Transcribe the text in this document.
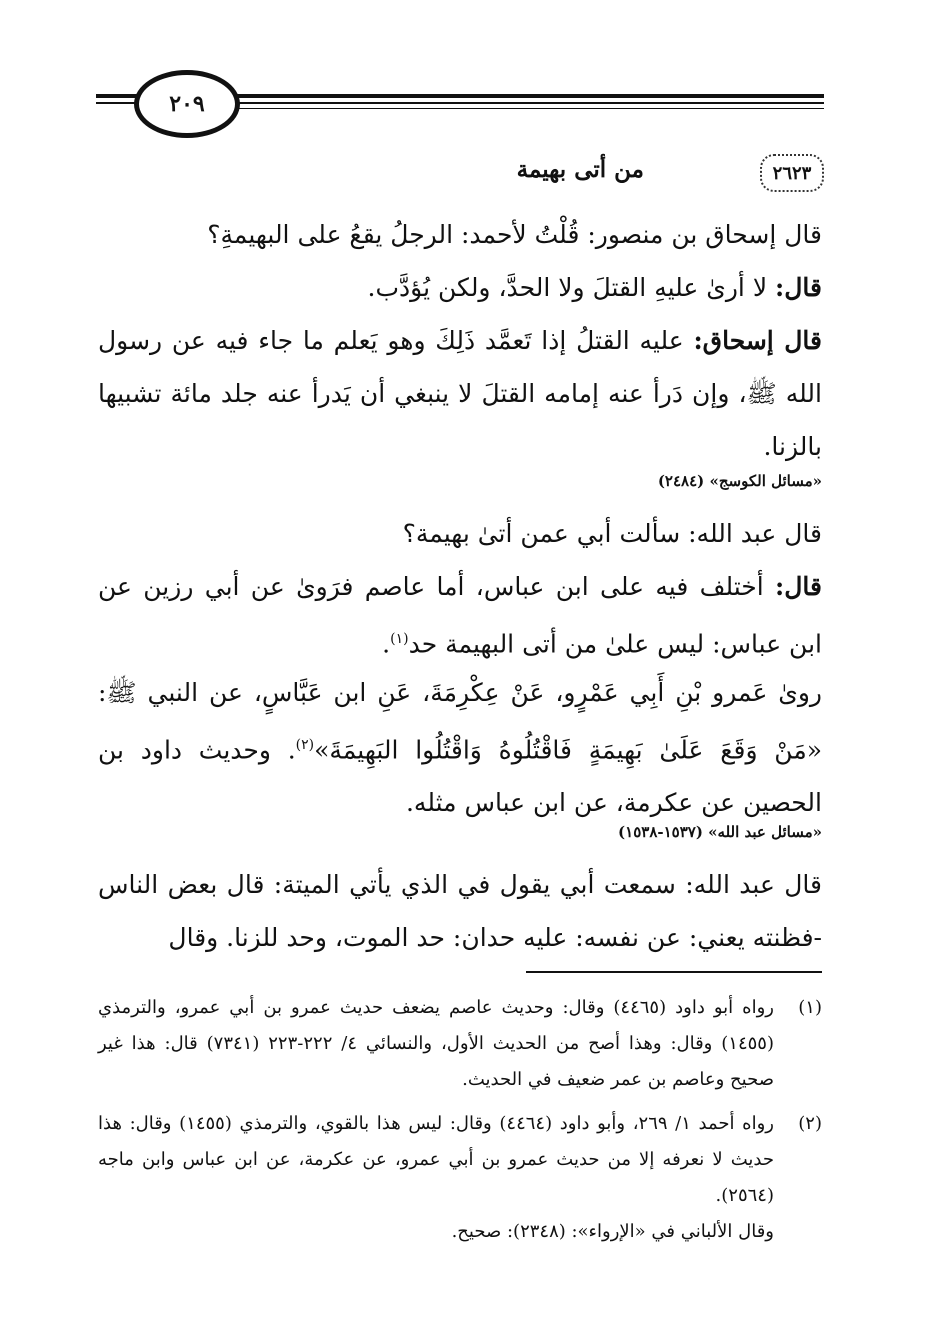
٢٠٩
٢٦٢٣
من أتى بهيمة
قال إسحاق بن منصور: قُلْتُ لأحمد: الرجلُ يقعُ على البهيمةِ؟
قال: لا أرىٰ عليهِ القتلَ ولا الحدَّ، ولكن يُؤدَّب.
قال إسحاق: عليه القتلُ إذا تَعمَّد ذَلِكَ وهو يَعلم ما جاء فيه عن رسول الله ﷺ، وإن دَرأ عنه إمامه القتلَ لا ينبغي أن يَدرأ عنه جلد مائة تشبيها بالزنا.
«مسائل الكوسج» (٢٤٨٤)
قال عبد الله: سألت أبي عمن أتىٰ بهيمة؟
قال: أختلف فيه على ابن عباس، أما عاصم فرَوىٰ عن أبي رزين عن ابن عباس: ليس علىٰ من أتى البهيمة حد$^{(١)}$.
روىٰ عَمرو بْنِ أَبِي عَمْرٍو، عَنْ عِكْرِمَةَ، عَنِ ابن عَبَّاسٍ، عن النبي ﷺ: «مَنْ وَقَعَ عَلَىٰ بَهِيمَةٍ فَاقْتُلُوهُ وَاقْتُلُوا البَهِيمَةَ»$^{(٢)}$. وحديث داود بن الحصين عن عكرمة، عن ابن عباس مثله.
«مسائل عبد الله» (١٥٣٧-١٥٣٨)
قال عبد الله: سمعت أبي يقول في الذي يأتي الميتة: قال بعض الناس -فظنته يعني: عن نفسه: عليه حدان: حد الموت، وحد للزنا. وقال
(١)
رواه أبو داود (٤٤٦٥) وقال: وحديث عاصم يضعف حديث عمرو بن أبي عمرو، والترمذي (١٤٥٥) وقال: وهذا أصح من الحديث الأول، والنسائي ٤/ ٢٢٢-٢٢٣ (٧٣٤١) قال: هذا غير صحيح وعاصم بن عمر ضعيف في الحديث.
(٢)
رواه أحمد ١/ ٢٦٩، وأبو داود (٤٤٦٤) وقال: ليس هذا بالقوي، والترمذي (١٤٥٥) وقال: هذا حديث لا نعرفه إلا من حديث عمرو بن أبي عمرو، عن عكرمة، عن ابن عباس وابن ماجه (٢٥٦٤).
وقال الألباني في «الإرواء»: (٢٣٤٨): صحيح.
